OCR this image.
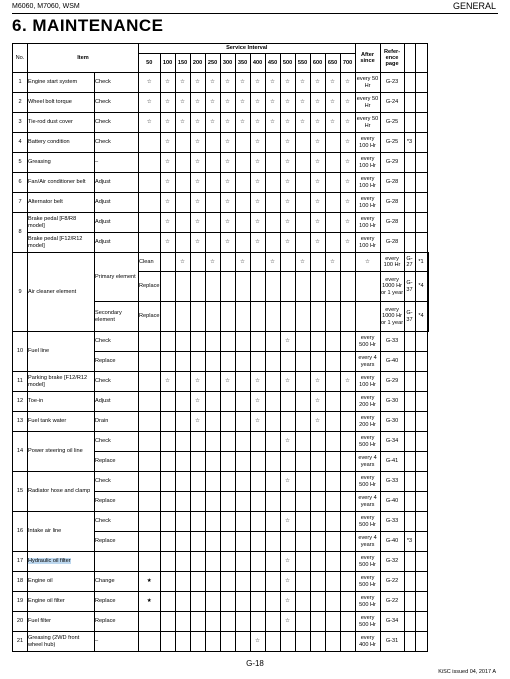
M6060, M7060, WSM	GENERAL
6. MAINTENANCE
No.	Item		Service Interval														After since	Refer-ence page			
			50	100	150	200	250	300	350	400	450	500	550	600	650	700					
1	Engine start system	Check	☆	☆	☆	☆	☆	☆	☆	☆	☆	☆	☆	☆	☆	☆	every 50 Hr	G-23			
2	Wheel bolt torque	Check	☆	☆	☆	☆	☆	☆	☆	☆	☆	☆	☆	☆	☆	☆	every 50 Hr	G-24			
3	Tie-rod dust cover	Check	☆	☆	☆	☆	☆	☆	☆	☆	☆	☆	☆	☆	☆	☆	every 50 Hr	G-25			
4	Battery condition	Check		☆		☆		☆		☆		☆		☆		☆	every 100 Hr	G-25	*3		
5	Greasing	–		☆		☆		☆		☆		☆		☆		☆	every 100 Hr	G-29			
6	Fan/Air conditioner belt	Adjust		☆		☆		☆		☆		☆		☆		☆	every 100 Hr	G-28			
7	Alternator belt	Adjust		☆		☆		☆		☆		☆		☆		☆	every 100 Hr	G-28			
8	Brake pedal [F8/R8 model]	Adjust		☆		☆		☆		☆		☆		☆		☆	every 100 Hr	G-28			
	Brake pedal [F12/R12 model]	Adjust		☆		☆		☆		☆		☆		☆		☆	every 100 Hr	G-28			
9	Air cleaner element	Primary element	Clean		☆		☆		☆		☆		☆		☆		☆	every 100 Hr	G-27	*1	
			Replace															every 1000 Hr or 1 year	G-37	*4	
		Secondary element	Replace															every 1000 Hr or 1 year	G-37	*4	
10	Fuel line	Check										☆					every 500 Hr	G-33			
		Replace															every 4 years	G-40			
11	Parking brake [F12/R12 model]	Check		☆		☆		☆		☆		☆		☆		☆	every 100 Hr	G-29			
12	Toe-in	Adjust				☆				☆				☆			every 200 Hr	G-30			
13	Fuel tank water	Drain				☆				☆				☆			every 200 Hr	G-30			
14	Power steering oil line	Check										☆					every 500 Hr	G-34			
		Replace															every 4 years	G-41			
15	Radiator hose and clamp	Check										☆					every 500 Hr	G-33			
		Replace															every 4 years	G-40			
16	Intake air line	Check										☆					every 500 Hr	G-33			
		Replace															every 4 years	G-40	*3		
17	Hydraulic oil filter											☆					every 500 Hr	G-32			
18	Engine oil	Change	★									☆					every 500 Hr	G-22			
19	Engine oil filter	Replace	★									☆					every 500 Hr	G-22			
20	Fuel filter	Replace										☆					every 500 Hr	G-34			
21	Greasing (2WD front wheel hub)	–								☆							every 400 Hr	G-31			
G-18
KiSC issued 04, 2017 A
